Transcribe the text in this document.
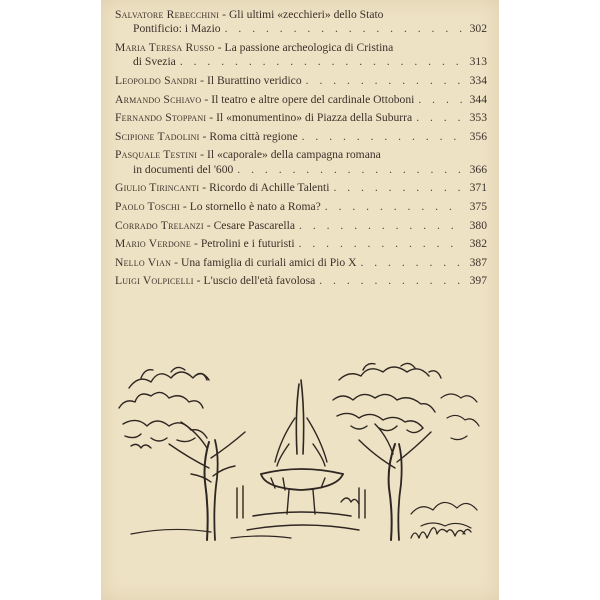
Salvatore Rebecchini - Gli ultimi «zecchieri» dello Stato
Pontificio: i Mazio . . .	302
Maria Teresa Russo - La passione archeologica di Cristina
di Svezia . . .	313
Leopoldo Sandri - Il Burattino veridico . . .	334
Armando Schiavo - Il teatro e altre opere del cardinale Ottoboni . . .	344
Fernando Stoppani - Il «monumentino» di Piazza della Suburra . . .	353
Scipione Tadolini - Roma città regione . . .	356
Pasquale Testini - Il «caporale» della campagna romana
in documenti del '600 . . .	366
Giulio Tirincanti - Ricordo di Achille Talenti . . .	371
Paolo Toschi - Lo stornello è nato a Roma? . . .	375
Corrado Trelanzi - Cesare Pascarella . . .	380
Mario Verdone - Petrolini e i futuristi . . .	382
Nello Vian - Una famiglia di curiali amici di Pio X . . .	387
Luigi Volpicelli - L'uscio dell'età favolosa . . .	397
